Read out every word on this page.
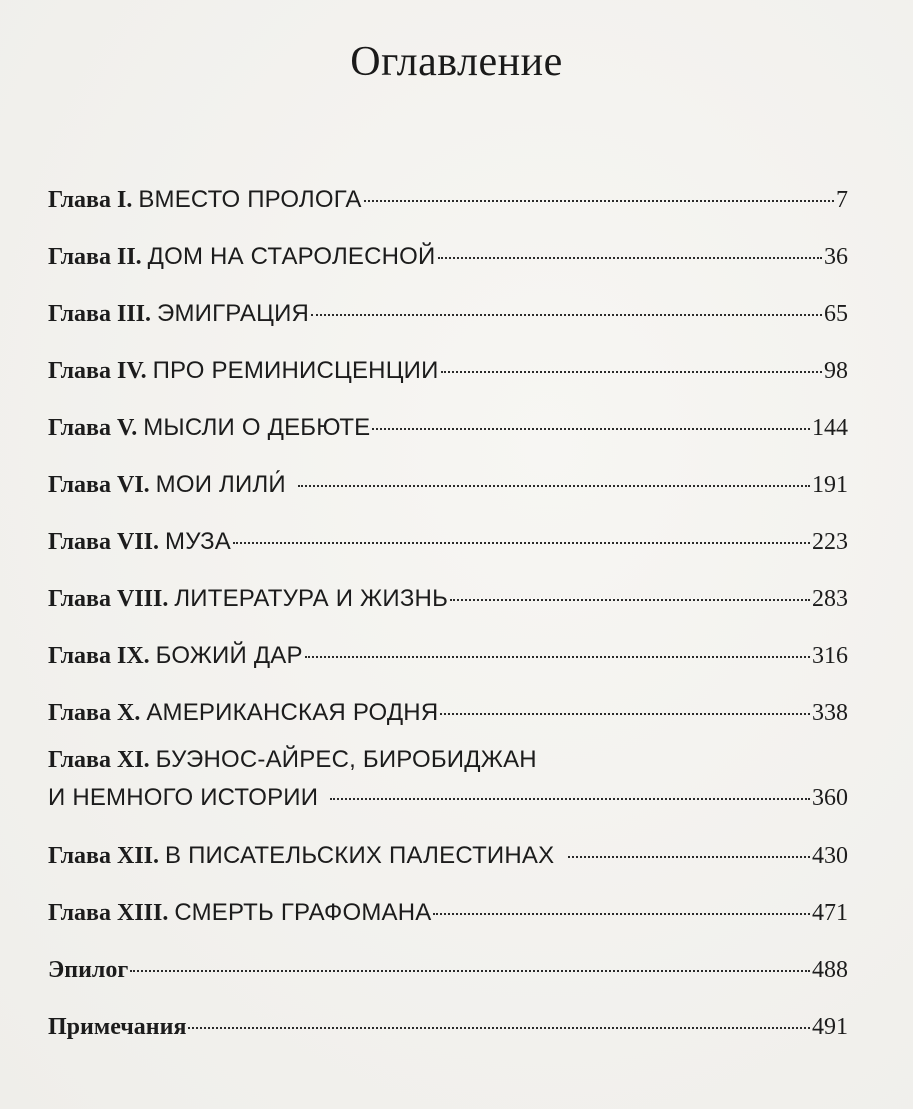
Оглавление
Глава I. ВМЕСТО ПРОЛОГА	7
Глава II. ДОМ НА СТАРОЛЕСНОЙ	36
Глава III. ЭМИГРАЦИЯ	65
Глава IV. ПРО РЕМИНИСЦЕНЦИИ	98
Глава V. МЫСЛИ О ДЕБЮТЕ	144
Глава VI. МОИ ЛИЛИ́	191
Глава VII. МУЗА	223
Глава VIII. ЛИТЕРАТУРА И ЖИЗНЬ	283
Глава IX. БОЖИЙ ДАР	316
Глава X. АМЕРИКАНСКАЯ РОДНЯ	338
Глава XI. БУЭНОС-АЙРЕС, БИРОБИДЖАН
И НЕМНОГО ИСТОРИИ	360
Глава XII. В ПИСАТЕЛЬСКИХ ПАЛЕСТИНАХ	430
Глава XIII. СМЕРТЬ ГРАФОМАНА	471
Эпилог	488
Примечания	491
